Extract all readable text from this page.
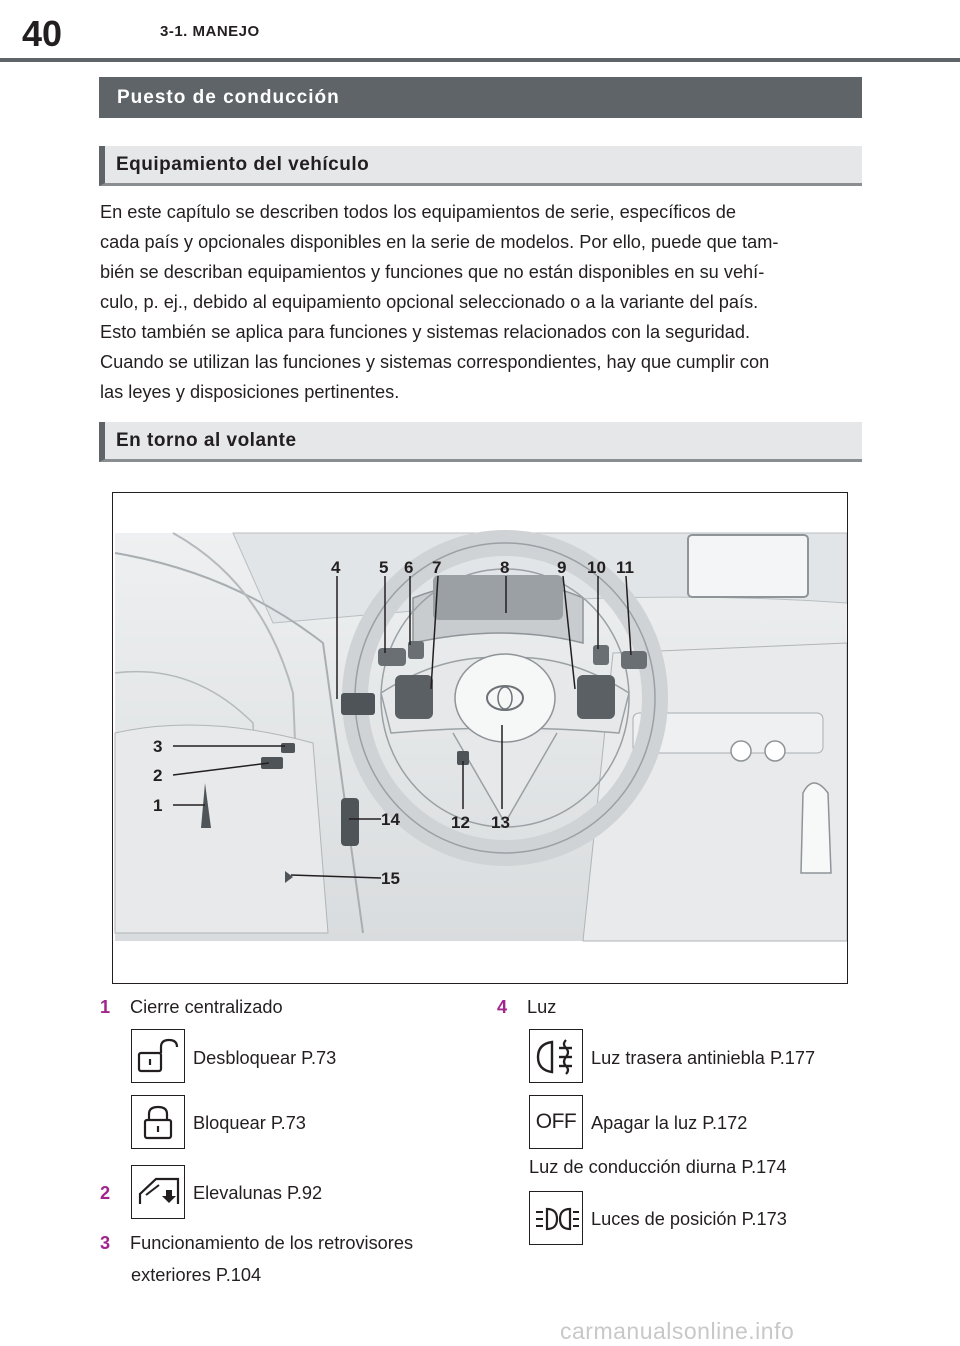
40	3-1. MANEJO
Puesto de conducción
Equipamiento del vehículo

En este capítulo se describen todos los equipamientos de serie, específicos de

cada país y opcionales disponibles en la serie de modelos. Por ello, puede que tam-

bién se describan equipamientos y funciones que no están disponibles en su vehí-

culo, p. ej., debido al equipamiento opcional seleccionado o a la variante del país.

Esto también se aplica para funciones y sistemas relacionados con la seguridad.

Cuando se utilizan las funciones y sistemas correspondientes, hay que cumplir con

las leyes y disposiciones pertinentes.

En torno al volante
4 5 6 7	8	9 10 11
3
2
1
12 13
14
15
1 Cierre centralizado
Desbloquear P.73
Bloquear P.73
2	Elevalunas P.92
3 Funcionamiento de los retrovisores
exteriores P.104
4 Luz
Luz trasera antiniebla P.177
OFF Apagar la luz P.172
Luz de conducción diurna P.174
Luces de posición P.173
carmanualsonline.info
